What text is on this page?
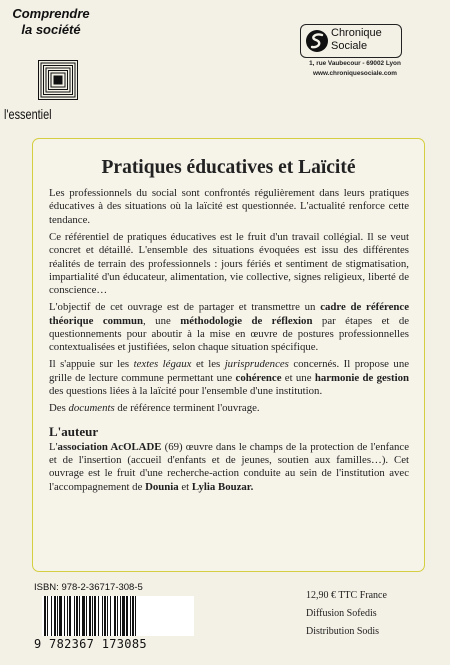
Comprendre
la société
l'essentiel
Chronique
Sociale
1, rue Vaubecour - 69002 Lyon
www.chroniquesociale.com
Pratiques éducatives et Laïcité

Les professionnels du social sont confrontés régulièrement dans leurs pratiques éducatives à des situations où la laïcité est questionnée. L'actualité renforce cette tendance.

Ce référentiel de pratiques éducatives est le fruit d'un travail collégial. Il se veut concret et détaillé. L'ensemble des situations évoquées est issu des différentes réalités de terrain des professionnels : jours fériés et sentiment de stigmatisation, impartialité d'un éducateur, alimentation, vie collective, signes religieux, liberté de conscience…

L'objectif de cet ouvrage est de partager et transmettre un cadre de référence théorique commun, une méthodologie de réflexion par étapes et de questionnements pour aboutir à la mise en œuvre de postures professionnelles contextualisées et justifiées, selon chaque situation spécifique.

Il s'appuie sur les textes légaux et les jurisprudences concernés. Il propose une grille de lecture commune permettant une cohérence et une harmonie de gestion des questions liées à la laïcité pour l'ensemble d'une institution.

Des documents de référence terminent l'ouvrage.

L'auteur

L'association AcOLADE (69) œuvre dans le champs de la protection de l'enfance et de l'insertion (accueil d'enfants et de jeunes, soutien aux familles…). Cet ouvrage est le fruit d'une recherche-action conduite au sein de l'institution avec l'accompagnement de Dounia et Lylia Bouzar.

ISBN: 978-2-36717-308-5
9 782367 173085
12,90 € TTC France
Diffusion Sofedis
Distribution Sodis
